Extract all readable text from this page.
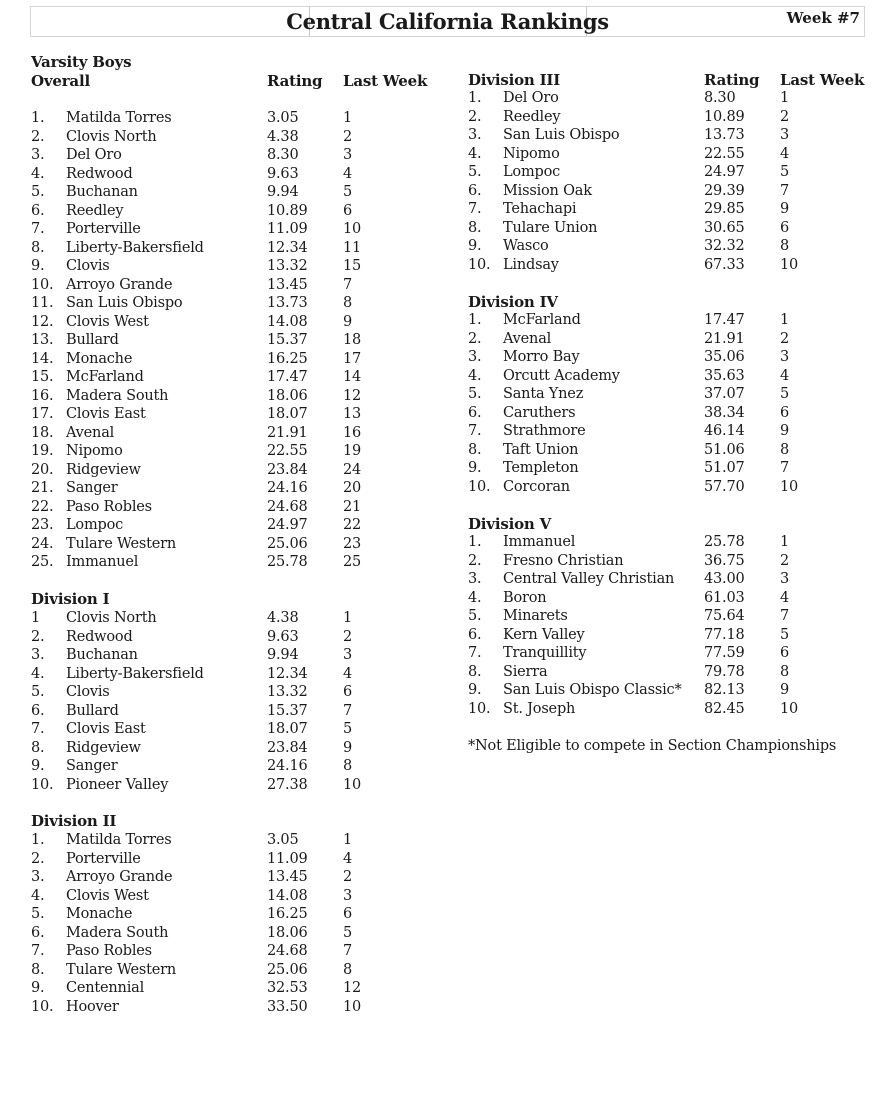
Central California Rankings	Week #7
Varsity Boys
Overall	Rating Last Week
1. Matilda Torres	3.05	1
2. Clovis North	4.38	2
3. Del Oro	8.30	3
4. Redwood	9.63	4
5. Buchanan	9.94	5
6. Reedley	10.89 6
7. Porterville	11.09 10
8. Liberty-Bakersfield	12.34 11
9. Clovis	13.32 15
10. Arroyo Grande	13.45 7
11. San Luis Obispo	13.73 8
12. Clovis West	14.08 9
13. Bullard	15.37 18
14. Monache	16.25 17
15. McFarland	17.47 14
16. Madera South	18.06 12
17. Clovis East	18.07 13
18. Avenal	21.91 16
19. Nipomo	22.55 19
20. Ridgeview	23.84 24
21. Sanger	24.16 20
22. Paso Robles	24.68 21
23. Lompoc	24.97 22
24. Tulare Western	25.06 23
25. Immanuel	25.78 25
Division I
1 Clovis North	4.38	1
2. Redwood	9.63	2
3. Buchanan	9.94	3
4. Liberty-Bakersfield	12.34 4
5. Clovis	13.32 6
6. Bullard	15.37 7
7. Clovis East	18.07 5
8. Ridgeview	23.84 9
9. Sanger	24.16 8
10. Pioneer Valley	27.38 10
Division II
1. Matilda Torres	3.05	1
2. Porterville	11.09 4
3. Arroyo Grande	13.45 2
4. Clovis West	14.08 3
5. Monache	16.25 6
6. Madera South	18.06 5
7. Paso Robles	24.68 7
8. Tulare Western	25.06 8
9. Centennial	32.53 12
10. Hoover	33.50 10
Division III	Rating Last Week
1. Del Oro	8.30	1
2. Reedley	10.89 2
3. San Luis Obispo	13.73 3
4. Nipomo	22.55 4
5. Lompoc	24.97 5
6. Mission Oak	29.39 7
7. Tehachapi	29.85 9
8. Tulare Union	30.65 6
9. Wasco	32.32 8
10. Lindsay	67.33 10
Division IV
1. McFarland	17.47 1
2. Avenal	21.91 2
3. Morro Bay	35.06 3
4. Orcutt Academy	35.63 4
5. Santa Ynez	37.07 5
6. Caruthers	38.34 6
7. Strathmore	46.14 9
8. Taft Union	51.06 8
9. Templeton	51.07 7
10. Corcoran	57.70 10
Division V
1. Immanuel	25.78 1
2. Fresno Christian	36.75 2
3. Central Valley Christian 43.00 3
4. Boron	61.03 4
5. Minarets	75.64 7
6. Kern Valley	77.18 5
7. Tranquillity	77.59 6
8. Sierra	79.78 8
9. San Luis Obispo Classic* 82.13 9
10. St. Joseph	82.45 10
*Not Eligible to compete in Section Championships
